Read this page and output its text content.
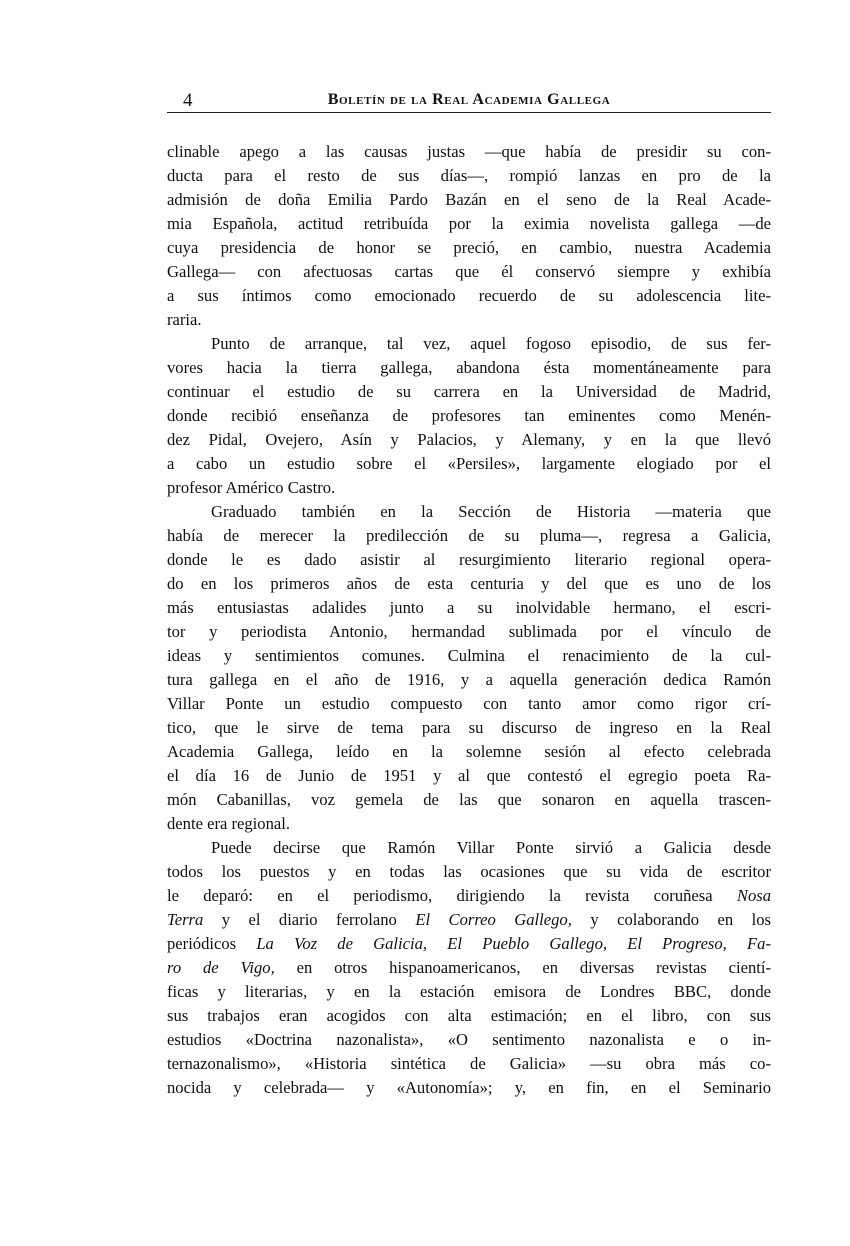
4	Boletín de la Real Academia Gallega
clinable apego a las causas justas —que había de presidir su con-
ducta para el resto de sus días—, rompió lanzas en pro de la
admisión de doña Emilia Pardo Bazán en el seno de la Real Acade-
mia Española, actitud retribuída por la eximia novelista gallega —de
cuya presidencia de honor se preció, en cambio, nuestra Academia
Gallega— con afectuosas cartas que él conservó siempre y exhibía
a sus íntimos como emocionado recuerdo de su adolescencia lite-
raria.
Punto de arranque, tal vez, aquel fogoso episodio, de sus fer-
vores hacia la tierra gallega, abandona ésta momentáneamente para
continuar el estudio de su carrera en la Universidad de Madrid,
donde recibió enseñanza de profesores tan eminentes como Menén-
dez Pidal, Ovejero, Asín y Palacios, y Alemany, y en la que llevó
a cabo un estudio sobre el «Persiles», largamente elogiado por el
profesor Américo Castro.
Graduado también en la Sección de Historia —materia que
había de merecer la predilección de su pluma—, regresa a Galicia,
donde le es dado asistir al resurgimiento literario regional opera-
do en los primeros años de esta centuria y del que es uno de los
más entusiastas adalides junto a su inolvidable hermano, el escri-
tor y periodista Antonio, hermandad sublimada por el vínculo de
ideas y sentimientos comunes. Culmina el renacimiento de la cul-
tura gallega en el año de 1916, y a aquella generación dedica Ramón
Villar Ponte un estudio compuesto con tanto amor como rigor crí-
tico, que le sirve de tema para su discurso de ingreso en la Real
Academia Gallega, leído en la solemne sesión al efecto celebrada
el día 16 de Junio de 1951 y al que contestó el egregio poeta Ra-
món Cabanillas, voz gemela de las que sonaron en aquella trascen-
dente era regional.
Puede decirse que Ramón Villar Ponte sirvió a Galicia desde
todos los puestos y en todas las ocasiones que su vida de escritor
le deparó: en el periodismo, dirigiendo la revista coruñesa Nosa
Terra y el diario ferrolano El Correo Gallego, y colaborando en los
periódicos La Voz de Galicia, El Pueblo Gallego, El Progreso, Fa-
ro de Vigo, en otros hispanoamericanos, en diversas revistas cientí-
ficas y literarias, y en la estación emisora de Londres BBC, donde
sus trabajos eran acogidos con alta estimación; en el libro, con sus
estudios «Doctrina nazonalista», «O sentimento nazonalista e o in-
ternazonalismo», «Historia sintética de Galicia» —su obra más co-
nocida y celebrada— y «Autonomía»; y, en fin, en el Seminario
